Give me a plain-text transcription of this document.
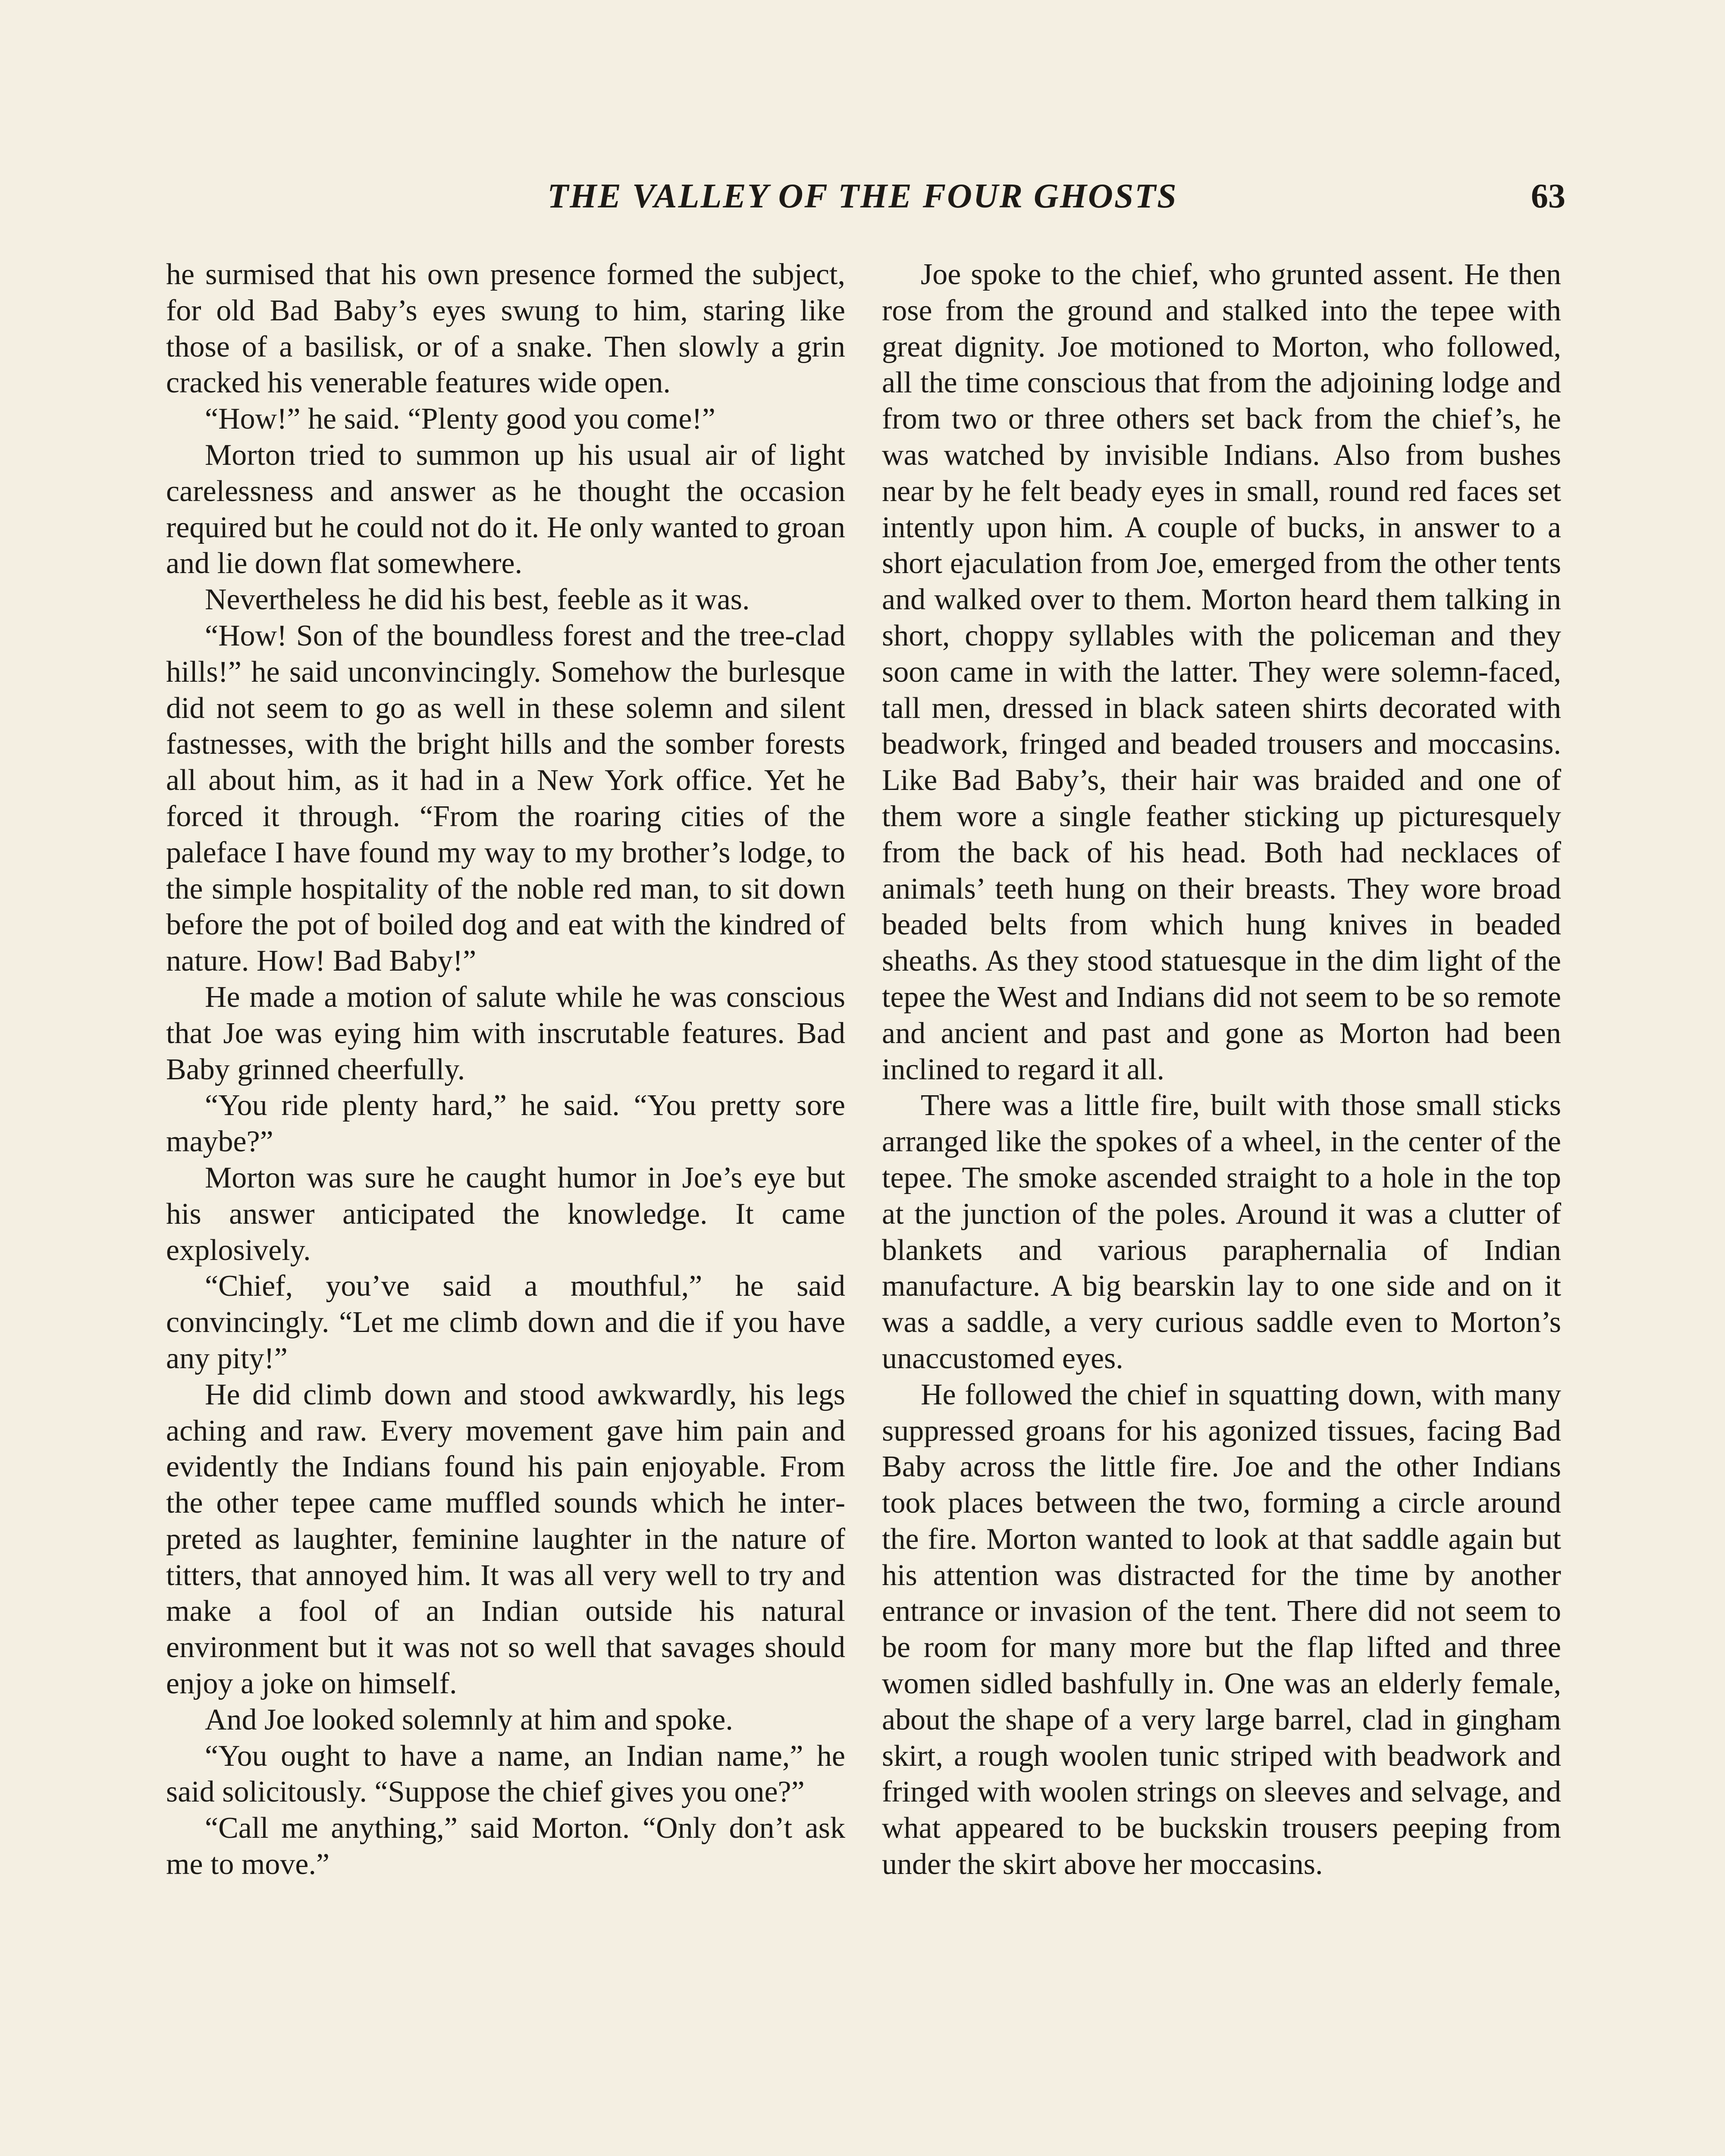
THE VALLEY OF THE FOUR GHOSTS	63

he surmised that his own presence formed the subject, for old Bad Baby’s eyes swung to him, staring like those of a basilisk, or of a snake. Then slowly a grin cracked his venerable features wide open.

“How!” he said. “Plenty good you come!”

Morton tried to summon up his usual air of light carelessness and answer as he thought the occasion required but he could not do it. He only wanted to groan and lie down flat somewhere.

Nevertheless he did his best, feeble as it was.

“How! Son of the boundless forest and the tree-clad hills!” he said unconvincingly. Somehow the burlesque did not seem to go as well in these solemn and silent fastnesses, with the bright hills and the somber forests all about him, as it had in a New York office. Yet he forced it through. “From the roaring cities of the paleface I have found my way to my brother’s lodge, to the simple hospitality of the noble red man, to sit down before the pot of boiled dog and eat with the kindred of nature. How! Bad Baby!”

He made a motion of salute while he was conscious that Joe was eying him with inscrutable features. Bad Baby grinned cheerfully.

“You ride plenty hard,” he said. “You pretty sore maybe?”

Morton was sure he caught humor in Joe’s eye but his answer anticipated the knowledge. It came explosively.

“Chief, you’ve said a mouthful,” he said convincingly. “Let me climb down and die if you have any pity!”

He did climb down and stood awkwardly, his legs aching and raw. Every movement gave him pain and evidently the Indians found his pain enjoyable. From the other tepee came muffled sounds which he interpreted as laughter, feminine laughter in the nature of titters, that annoyed him. It was all very well to try and make a fool of an Indian outside his natural environment but it was not so well that savages should enjoy a joke on himself.

And Joe looked solemnly at him and spoke.

“You ought to have a name, an Indian name,” he said solicitously. “Suppose the chief gives you one?”

“Call me anything,” said Morton. “Only don’t ask me to move.”

Joe spoke to the chief, who grunted assent. He then rose from the ground and stalked into the tepee with great dignity. Joe motioned to Morton, who followed, all the time conscious that from the adjoining lodge and from two or three others set back from the chief’s, he was watched by invisible Indians. Also from bushes near by he felt beady eyes in small, round red faces set intently upon him. A couple of bucks, in answer to a short ejaculation from Joe, emerged from the other tents and walked over to them. Morton heard them talking in short, choppy syllables with the policeman and they soon came in with the latter. They were solemn-faced, tall men, dressed in black sateen shirts decorated with beadwork, fringed and beaded trousers and moccasins. Like Bad Baby’s, their hair was braided and one of them wore a single feather sticking up picturesquely from the back of his head. Both had necklaces of animals’ teeth hung on their breasts. They wore broad beaded belts from which hung knives in beaded sheaths. As they stood statuesque in the dim light of the tepee the West and Indians did not seem to be so remote and ancient and past and gone as Morton had been inclined to regard it all.

There was a little fire, built with those small sticks arranged like the spokes of a wheel, in the center of the tepee. The smoke ascended straight to a hole in the top at the junction of the poles. Around it was a clutter of blankets and various paraphernalia of Indian manufacture. A big bearskin lay to one side and on it was a saddle, a very curious saddle even to Morton’s unaccustomed eyes.

He followed the chief in squatting down, with many suppressed groans for his agonized tissues, facing Bad Baby across the little fire. Joe and the other Indians took places between the two, forming a circle around the fire. Morton wanted to look at that saddle again but his attention was distracted for the time by another entrance or invasion of the tent. There did not seem to be room for many more but the flap lifted and three women sidled bashfully in. One was an elderly female, about the shape of a very large barrel, clad in gingham skirt, a rough woolen tunic striped with beadwork and fringed with woolen strings on sleeves and selvage, and what appeared to be buckskin trousers peeping from under the skirt above her moccasins.
